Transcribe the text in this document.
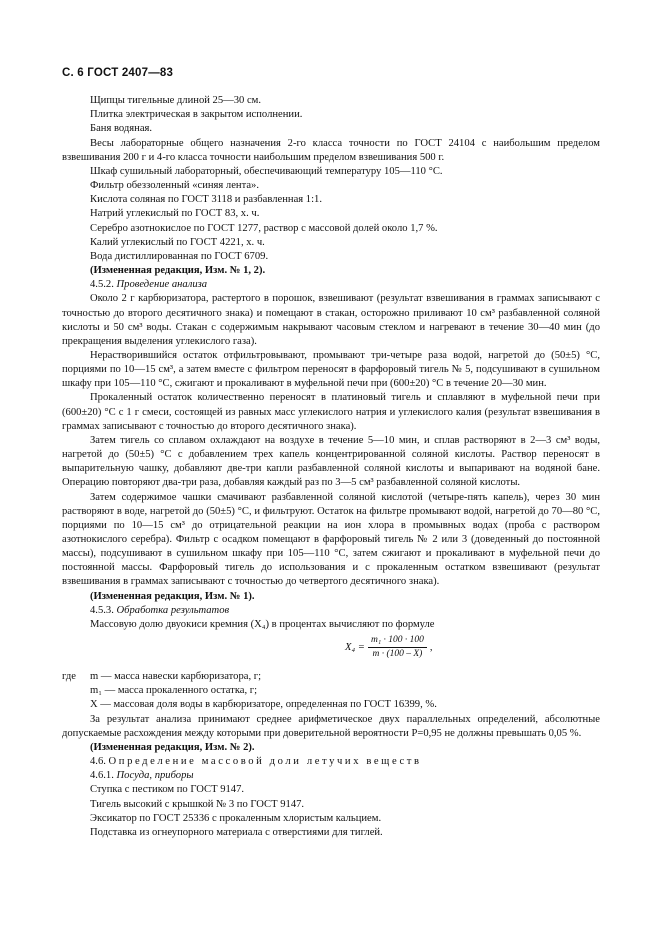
С. 6 ГОСТ 2407—83

Щипцы тигельные длиной 25—30 см.

Плитка электрическая в закрытом исполнении.

Баня водяная.

Весы лабораторные общего назначения 2-го класса точности по ГОСТ 24104 с наибольшим пределом взвешивания 200 г и 4-го класса точности наибольшим пределом взвешивания 500 г.

Шкаф сушильный лабораторный, обеспечивающий температуру 105—110 °С.

Фильтр обеззоленный «синяя лента».

Кислота соляная по ГОСТ 3118 и разбавленная 1:1.

Натрий углекислый по ГОСТ 83, х. ч.

Серебро азотнокислое по ГОСТ 1277, раствор с массовой долей около 1,7 %.

Калий углекислый по ГОСТ 4221, х. ч.

Вода дистиллированная по ГОСТ 6709.

(Измененная редакция, Изм. № 1, 2).

4.5.2. Проведение анализа

Около 2 г карбюризатора, растертого в порошок, взвешивают (результат взвешивания в граммах записывают с точностью до второго десятичного знака) и помещают в стакан, осторожно приливают 10 см³ разбавленной соляной кислоты и 50 см³ воды. Стакан с содержимым накрывают часовым стеклом и нагревают в течение 30—40 мин (до прекращения выделения углекислого газа).

Нерастворившийся остаток отфильтровывают, промывают три-четыре раза водой, нагретой до (50±5) °С, порциями по 10—15 см³, а затем вместе с фильтром переносят в фарфоровый тигель № 5, подсушивают в сушильном шкафу при 105—110 °С, сжигают и прокаливают в муфельной печи при (600±20) °С в течение 20—30 мин.

Прокаленный остаток количественно переносят в платиновый тигель и сплавляют в муфельной печи при (600±20) °С с 1 г смеси, состоящей из равных масс углекислого натрия и углекислого калия (результат взвешивания в граммах записывают с точностью до второго десятичного знака).

Затем тигель со сплавом охлаждают на воздухе в течение 5—10 мин, и сплав растворяют в 2—3 см³ воды, нагретой до (50±5) °С с добавлением трех капель концентрированной соляной кислоты. Раствор переносят в выпарительную чашку, добавляют две-три капли разбавленной соляной кислоты и выпаривают на водяной бане. Операцию повторяют два-три раза, добавляя каждый раз по 3—5 см³ разбавленной соляной кислоты.

Затем содержимое чашки смачивают разбавленной соляной кислотой (четыре-пять капель), через 30 мин растворяют в воде, нагретой до (50±5) °С, и фильтруют. Остаток на фильтре промывают водой, нагретой до 70—80 °С, порциями по 10—15 см³ до отрицательной реакции на ион хлора в промывных водах (проба с раствором азотнокислого серебра). Фильтр с осадком помещают в фарфоровый тигель № 2 или 3 (доведенный до постоянной массы), подсушивают в сушильном шкафу при 105—110 °С, затем сжигают и прокаливают в муфельной печи до постоянной массы. Фарфоровый тигель до использования и с прокаленным остатком взвешивают (результат взвешивания в граммах записывают с точностью до четвертого десятичного знака).

(Измененная редакция, Изм. № 1).

4.5.3. Обработка результатов

Массовую долю двуокиси кремния (X₄) в процентах вычисляют по формуле

$X_4 = \frac{\text{m₁ · 100 · 100}}{m \cdot (100 - X)}$ ,
где	m — масса навески карбюризатора, г;
m₁ — масса прокаленного остатка, г;
X — массовая доля воды в карбюризаторе, определенная по ГОСТ 16399, %.

За результат анализа принимают среднее арифметическое двух параллельных определений, абсолютные допускаемые расхождения между которыми при доверительной вероятности P=0,95 не должны превышать 0,05 %.

(Измененная редакция, Изм. № 2).

4.6. Определение массовой доли летучих веществ

4.6.1. Посуда, приборы

Ступка с пестиком по ГОСТ 9147.

Тигель высокий с крышкой № 3 по ГОСТ 9147.

Эксикатор по ГОСТ 25336 с прокаленным хлористым кальцием.

Подставка из огнеупорного материала с отверстиями для тиглей.
